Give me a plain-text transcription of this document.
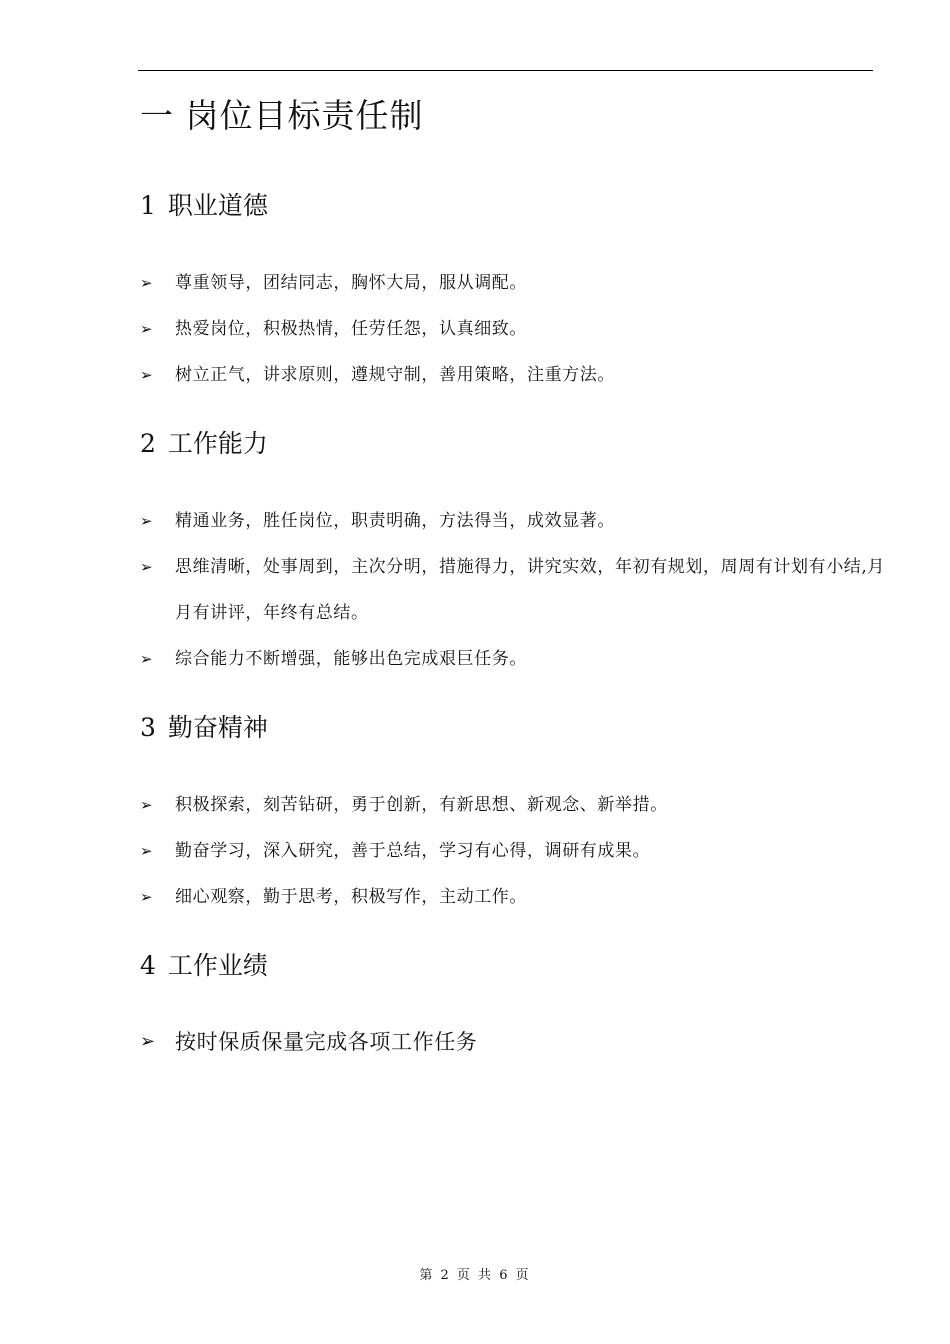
一 岗位目标责任制
1 职业道德
➢	尊重领导，团结同志，胸怀大局，服从调配。
➢	热爱岗位，积极热情，任劳任怨，认真细致。
➢	树立正气，讲求原则，遵规守制，善用策略，注重方法。
2 工作能力
➢	精通业务，胜任岗位，职责明确，方法得当，成效显著。
➢	思维清晰，处事周到，主次分明，措施得力，讲究实效，年初有规划，周周有计划有小结,月月有讲评，年终有总结。
➢	综合能力不断增强，能够出色完成艰巨任务。
3 勤奋精神
➢	积极探索，刻苦钻研，勇于创新，有新思想、新观念、新举措。
➢	勤奋学习，深入研究，善于总结，学习有心得，调研有成果。
➢	细心观察，勤于思考，积极写作，主动工作。
4 工作业绩
➢ 按时保质保量完成各项工作任务
第 2 页 共 6 页
